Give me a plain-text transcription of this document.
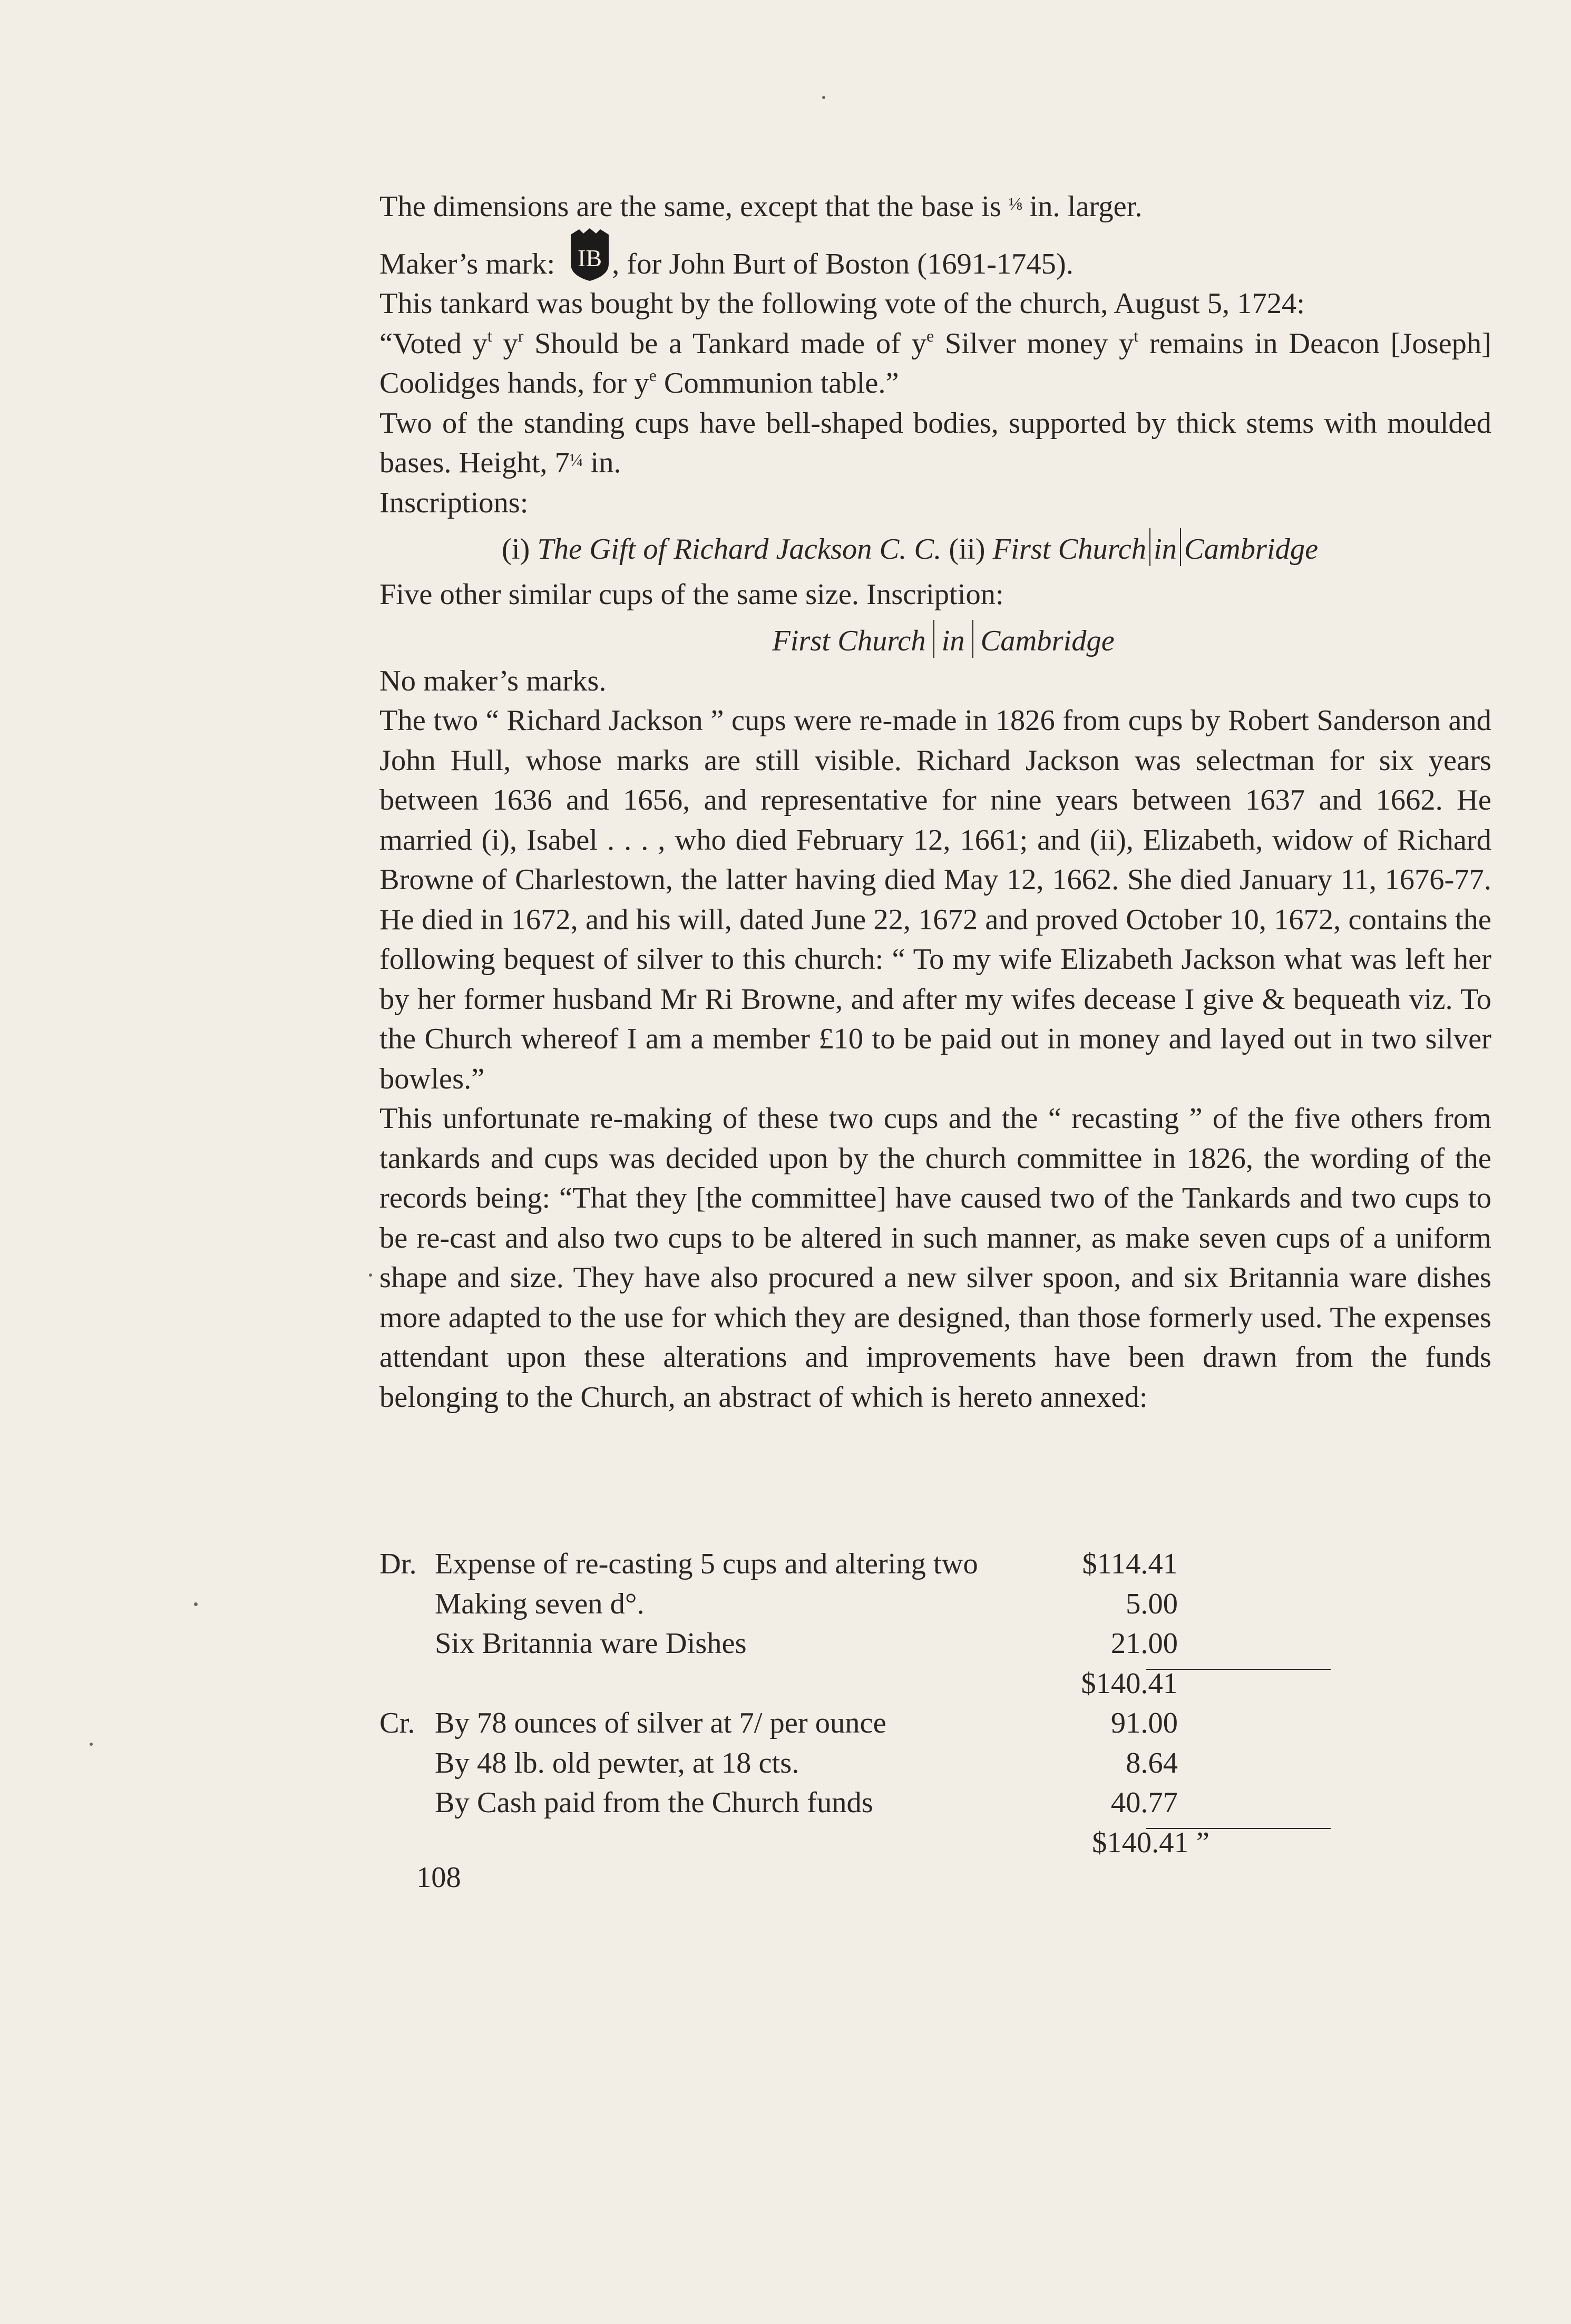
The dimensions are the same, except that the base is ⅛ in. larger.

Maker’s mark: IB , for John Burt of Boston (1691-1745).

This tankard was bought by the following vote of the church, August 5, 1724:

“Voted $y^t$ $y^r$ Should be a Tankard made of $y^e$ Silver money $y^t$ remains in Deacon [Joseph] Coolidges hands, for $y^e$ Communion table.”

Two of the standing cups have bell-shaped bodies, supported by thick stems with moulded bases. Height, 7¼ in.

Inscriptions:

(i) The Gift of Richard Jackson C. C. (ii) First Church in Cambridge

Five other similar cups of the same size. Inscription:

First Church in Cambridge

No maker’s marks.

The two “ Richard Jackson ” cups were re-made in 1826 from cups by Robert Sanderson and John Hull, whose marks are still visible. Richard Jackson was selectman for six years between 1636 and 1656, and representative for nine years between 1637 and 1662. He married (i), Isabel . . . , who died February 12, 1661; and (ii), Elizabeth, widow of Richard Browne of Charlestown, the latter having died May 12, 1662. She died January 11, 1676-77. He died in 1672, and his will, dated June 22, 1672 and proved October 10, 1672, contains the following bequest of silver to this church: “ To my wife Elizabeth Jackson what was left her by her former husband Mr Ri Browne, and after my wifes decease I give & bequeath viz. To the Church whereof I am a member £10 to be paid out in money and layed out in two silver bowles.”

This unfortunate re-making of these two cups and the “ recasting ” of the five others from tankards and cups was decided upon by the church committee in 1826, the wording of the records being: “That they [the committee] have caused two of the Tankards and two cups to be re-cast and also two cups to be altered in such manner, as make seven cups of a uniform shape and size. They have also procured a new silver spoon, and six Britannia ware dishes more adapted to the use for which they are designed, than those formerly used. The expenses attendant upon these alterations and improvements have been drawn from the funds belonging to the Church, an abstract of which is hereto annexed:

Dr. Expense of re-casting 5 cups and altering two	$114.41
Making seven d°.	5.00
Six Britannia ware Dishes	21.00
$140.41
Cr. By 78 ounces of silver at 7/ per ounce	91.00
By 48 lb. old pewter, at 18 cts.	8.64
By Cash paid from the Church funds	40.77
$140.41 ”
108
